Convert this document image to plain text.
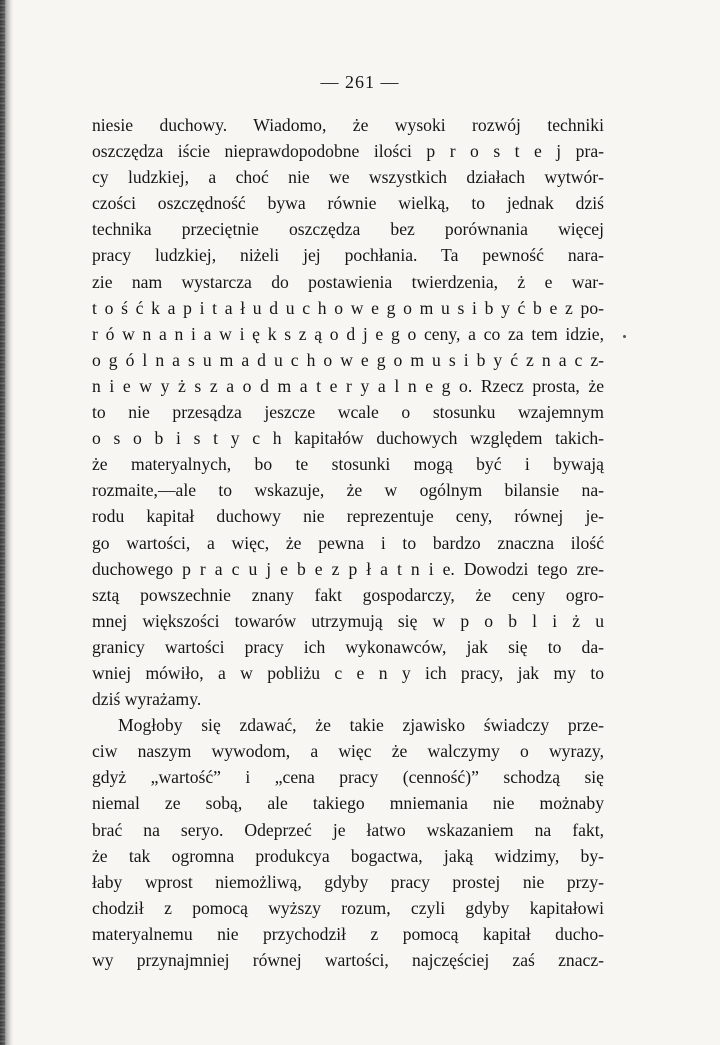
— 261 —
niesie duchowy. Wiadomo, że wysoki rozwój techniki
oszczędza iście nieprawdopodobne ilości p r o s t e j pra‑
cy ludzkiej, a choć nie we wszystkich działach wytwór‑
czości oszczędność bywa równie wielką, to jednak dziś
technika przeciętnie oszczędza bez porównania więcej
pracy ludzkiej, niżeli jej pochłania. Ta pewność nara‑
zie nam wystarcza do postawienia twierdzenia, ż e war‑
t o ś ć k a p i t a ł u d u c h o w e g o m u s i b y ć b e z po‑
r ó w n a n i a w i ę k s z ą o d j e g o ceny, a co za tem idzie,
o g ó l n a s u m a d u c h o w e g o m u s i b y ć z n a c z‑
n i e w y ż s z a o d m a t e r y a l n e g o. Rzecz prosta, że
to nie przesądza jeszcze wcale o stosunku wzajemnym
o s o b i s t y c h kapitałów duchowych względem takich‑
że materyalnych, bo te stosunki mogą być i bywają
rozmaite,—ale to wskazuje, że w ogólnym bilansie na‑
rodu kapitał duchowy nie reprezentuje ceny, równej je‑
go wartości, a więc, że pewna i to bardzo znaczna ilość
duchowego p r a c u j e b e z p ł a t n i e. Dowodzi tego zre‑
sztą powszechnie znany fakt gospodarczy, że ceny ogro‑
mnej większości towarów utrzymują się w p o b l i ż u
granicy wartości pracy ich wykonawców, jak się to da‑
wniej mówiło, a w pobliżu c e n y ich pracy, jak my to
dziś wyrażamy.
Mogłoby się zdawać, że takie zjawisko świadczy prze‑
ciw naszym wywodom, a więc że walczymy o wyrazy,
gdyż „wartość” i „cena pracy (cenność)” schodzą się
niemal ze sobą, ale takiego mniemania nie możnaby
brać na seryo. Odeprzeć je łatwo wskazaniem na fakt,
że tak ogromna produkcya bogactwa, jaką widzimy, by‑
łaby wprost niemożliwą, gdyby pracy prostej nie przy‑
chodził z pomocą wyższy rozum, czyli gdyby kapitałowi
materyalnemu nie przychodził z pomocą kapitał ducho‑
wy przynajmniej równej wartości, najczęściej zaś znacz‑
